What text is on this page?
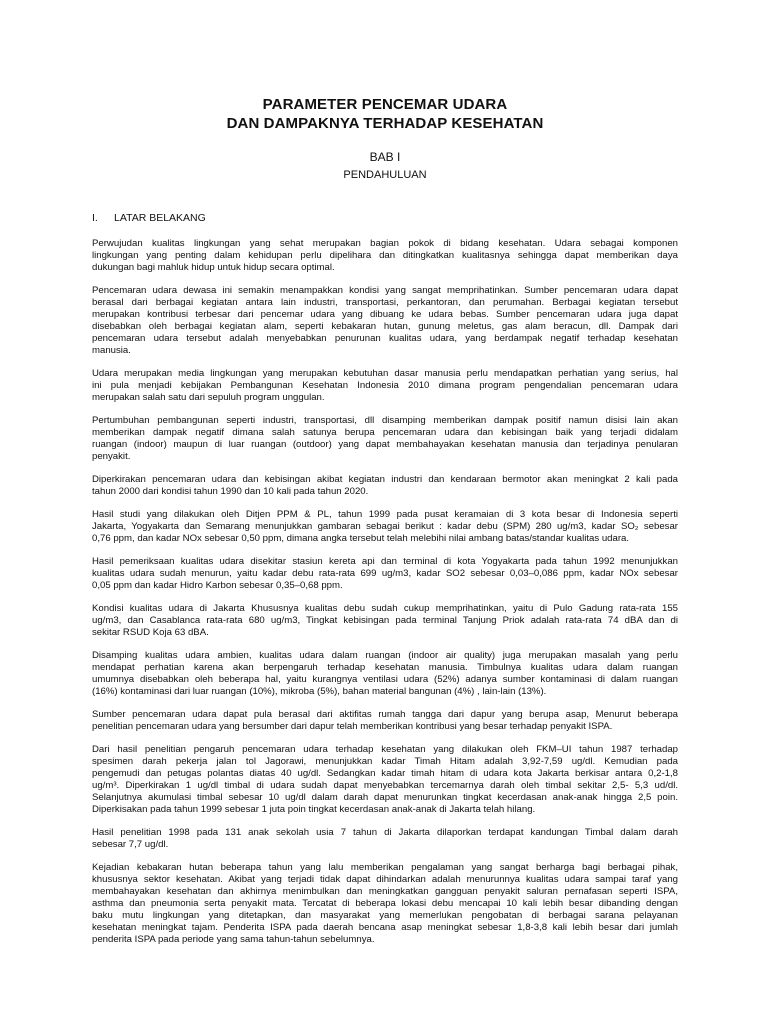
PARAMETER PENCEMAR UDARA
DAN DAMPAKNYA TERHADAP KESEHATAN
BAB I
PENDAHULUAN
I. LATAR BELAKANG

Perwujudan kualitas lingkungan yang sehat merupakan bagian pokok di bidang kesehatan. Udara sebagai komponen
lingkungan yang penting dalam kehidupan perlu dipelihara dan ditingkatkan kualitasnya sehingga dapat memberikan daya
dukungan bagi mahluk hidup untuk hidup secara optimal.

Pencemaran udara dewasa ini semakin menampakkan kondisi yang sangat memprihatinkan. Sumber pencemaran udara dapat
berasal dari berbagai kegiatan antara lain industri, transportasi, perkantoran, dan perumahan. Berbagai kegiatan tersebut
merupakan kontribusi terbesar dari pencemar udara yang dibuang ke udara bebas. Sumber pencemaran udara juga dapat
disebabkan oleh berbagai kegiatan alam, seperti kebakaran hutan, gunung meletus, gas alam beracun, dll. Dampak dari
pencemaran udara tersebut adalah menyebabkan penurunan kualitas udara, yang berdampak negatif terhadap kesehatan
manusia.

Udara merupakan media lingkungan yang merupakan kebutuhan dasar manusia perlu mendapatkan perhatian yang serius, hal
ini pula menjadi kebijakan Pembangunan Kesehatan Indonesia 2010 dimana program pengendalian pencemaran udara
merupakan salah satu dari sepuluh program unggulan.

Pertumbuhan pembangunan seperti industri, transportasi, dll disamping memberikan dampak positif namun disisi lain akan
memberikan dampak negatif dimana salah satunya berupa pencemaran udara dan kebisingan baik yang terjadi didalam
ruangan (indoor) maupun di luar ruangan (outdoor) yang dapat membahayakan kesehatan manusia dan terjadinya penularan
penyakit.

Diperkirakan pencemaran udara dan kebisingan akibat kegiatan industri dan kendaraan bermotor akan meningkat 2 kali pada
tahun 2000 dari kondisi tahun 1990 dan 10 kali pada tahun 2020.

Hasil studi yang dilakukan oleh Ditjen PPM & PL, tahun 1999 pada pusat keramaian di 3 kota besar di Indonesia seperti
Jakarta, Yogyakarta dan Semarang menunjukkan gambaran sebagai berikut : kadar debu (SPM) 280 ug/m3, kadar SO₂ sebesar
0,76 ppm, dan kadar NOx sebesar 0,50 ppm, dimana angka tersebut telah melebihi nilai ambang batas/standar kualitas udara.

Hasil pemeriksaan kualitas udara disekitar stasiun kereta api dan terminal di kota Yogyakarta pada tahun 1992 menunjukkan
kualitas udara sudah menurun, yaitu kadar debu rata-rata 699 ug/m3, kadar SO2 sebesar 0,03–0,086 ppm, kadar NOx sebesar
0,05 ppm dan kadar Hidro Karbon sebesar 0,35–0,68 ppm.

Kondisi kualitas udara di Jakarta Khususnya kualitas debu sudah cukup memprihatinkan, yaitu di Pulo Gadung rata-rata 155
ug/m3, dan Casablanca rata-rata 680 ug/m3, Tingkat kebisingan pada terminal Tanjung Priok adalah rata-rata 74 dBA dan di
sekitar RSUD Koja 63 dBA.

Disamping kualitas udara ambien, kualitas udara dalam ruangan (indoor air quality) juga merupakan masalah yang perlu
mendapat perhatian karena akan berpengaruh terhadap kesehatan manusia. Timbulnya kualitas udara dalam ruangan
umumnya disebabkan oleh beberapa hal, yaitu kurangnya ventilasi udara (52%) adanya sumber kontaminasi di dalam ruangan
(16%) kontaminasi dari luar ruangan (10%), mikroba (5%), bahan material bangunan (4%) , lain-lain (13%).

Sumber pencemaran udara dapat pula berasal dari aktifitas rumah tangga dari dapur yang berupa asap, Menurut beberapa
penelitian pencemaran udara yang bersumber dari dapur telah memberikan kontribusi yang besar terhadap penyakit ISPA.

Dari hasil penelitian pengaruh pencemaran udara terhadap kesehatan yang dilakukan oleh FKM–UI tahun 1987 terhadap
spesimen darah pekerja jalan tol Jagorawi, menunjukkan kadar Timah Hitam adalah 3,92-7,59 ug/dl. Kemudian pada
pengemudi dan petugas polantas diatas 40 ug/dl. Sedangkan kadar timah hitam di udara kota Jakarta berkisar antara 0,2-1,8
ug/m³. Diperkirakan 1 ug/dl timbal di udara sudah dapat menyebabkan tercemarnya darah oleh timbal sekitar 2,5- 5,3 ud/dl.
Selanjutnya akumulasi timbal sebesar 10 ug/dl dalam darah dapat menurunkan tingkat kecerdasan anak-anak hingga 2,5 poin.
Diperkisakan pada tahun 1999 sebesar 1 juta poin tingkat kecerdasan anak-anak di Jakarta telah hilang.

Hasil penelitian 1998 pada 131 anak sekolah usia 7 tahun di Jakarta dilaporkan terdapat kandungan Timbal dalam darah
sebesar 7,7 ug/dl.

Kejadian kebakaran hutan beberapa tahun yang lalu memberikan pengalaman yang sangat berharga bagi berbagai pihak,
khususnya sektor kesehatan. Akibat yang terjadi tidak dapat dihindarkan adalah menurunnya kualitas udara sampai taraf yang
membahayakan kesehatan dan akhirnya menimbulkan dan meningkatkan gangguan penyakit saluran pernafasan seperti ISPA,
asthma dan pneumonia serta penyakit mata. Tercatat di beberapa lokasi debu mencapai 10 kali lebih besar dibanding dengan
baku mutu lingkungan yang ditetapkan, dan masyarakat yang memerlukan pengobatan di berbagai sarana pelayanan
kesehatan meningkat tajam. Penderita ISPA pada daerah bencana asap meningkat sebesar 1,8-3,8 kali lebih besar dari jumlah
penderita ISPA pada periode yang sama tahun-tahun sebelumnya.
